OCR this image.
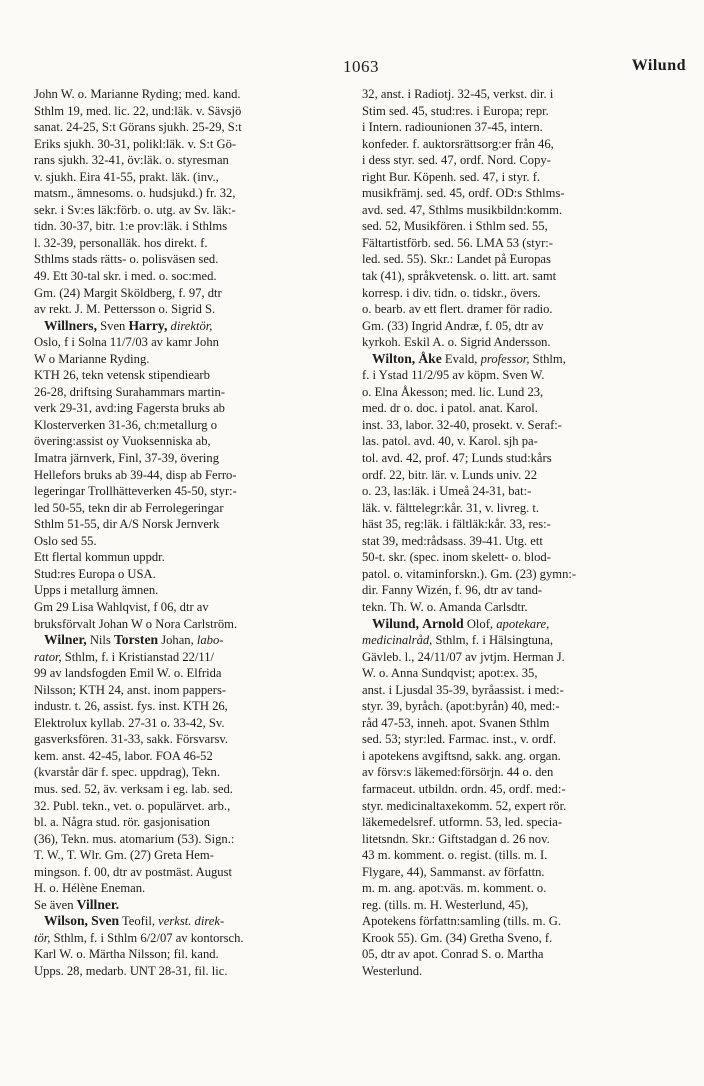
1063	Wilund
John W. o. Marianne Ryding; med. kand.
Sthlm 19, med. lic. 22, und:läk. v. Sävsjö
sanat. 24-25, S:t Görans sjukh. 25-29, S:t
Eriks sjukh. 30-31, polikl:läk. v. S:t Gö-
rans sjukh. 32-41, öv:läk. o. styresman
v. sjukh. Eira 41-55, prakt. läk. (inv.,
matsm., ämnesoms. o. hudsjukd.) fr. 32,
sekr. i Sv:es läk:förb. o. utg. av Sv. läk:-
tidn. 30-37, bitr. 1:e prov:läk. i Sthlms
l. 32-39, personalläk. hos direkt. f.
Sthlms stads rätts- o. polisväsen sed.
49. Ett 30-tal skr. i med. o. soc:med.
Gm. (24) Margit Sköldberg, f. 97, dtr
av rekt. J. M. Pettersson o. Sigrid S.
Willners, Sven Harry, direktör,
Oslo, f i Solna 11/7/03 av kamr John
W o Marianne Ryding.
KTH 26, tekn vetensk stipendiearb
26-28, driftsing Surahammars martin-
verk 29-31, avd:ing Fagersta bruks ab
Klosterverken 31-36, ch:metallurg o
övering:assist oy Vuoksenniska ab,
Imatra järnverk, Finl, 37-39, övering
Hellefors bruks ab 39-44, disp ab Ferro-
legeringar Trollhätteverken 45-50, styr:-
led 50-55, tekn dir ab Ferrolegeringar
Sthlm 51-55, dir A/S Norsk Jernverk
Oslo sed 55.
Ett flertal kommun uppdr.
Stud:res Europa o USA.
Upps i metallurg ämnen.
Gm 29 Lisa Wahlqvist, f 06, dtr av
bruksförvalt Johan W o Nora Carlström.
Wilner, Nils Torsten Johan, labo-
rator, Sthlm, f. i Kristianstad 22/11/
99 av landsfogden Emil W. o. Elfrida
Nilsson; KTH 24, anst. inom pappers-
industr. t. 26, assist. fys. inst. KTH 26,
Elektrolux kyllab. 27-31 o. 33-42, Sv.
gasverksfören. 31-33, sakk. Försvarsv.
kem. anst. 42-45, labor. FOA 46-52
(kvarstår där f. spec. uppdrag), Tekn.
mus. sed. 52, äv. verksam i eg. lab. sed.
32. Publ. tekn., vet. o. populärvet. arb.,
bl. a. Några stud. rör. gasjonisation
(36), Tekn. mus. atomarium (53). Sign.:
T. W., T. Wlr. Gm. (27) Greta Hem-
mingson. f. 00, dtr av postmäst. August
H. o. Hélène Eneman.
Se även Villner.
Wilson, Sven Teofil, verkst. direk-
tör, Sthlm, f. i Sthlm 6/2/07 av kontorsch.
Karl W. o. Märtha Nilsson; fil. kand.
Upps. 28, medarb. UNT 28-31, fil. lic.
32, anst. i Radiotj. 32-45, verkst. dir. i
Stim sed. 45, stud:res. i Europa; repr.
i Intern. radiounionen 37-45, intern.
konfeder. f. auktorsrättsorg:er från 46,
i dess styr. sed. 47, ordf. Nord. Copy-
right Bur. Köpenh. sed. 47, i styr. f.
musikfrämj. sed. 45, ordf. OD:s Sthlms-
avd. sed. 47, Sthlms musikbildn:komm.
sed. 52, Musikfören. i Sthlm sed. 55,
Fältartistförb. sed. 56. LMA 53 (styr:-
led. sed. 55). Skr.: Landet på Europas
tak (41), språkvetensk. o. litt. art. samt
korresp. i div. tidn. o. tidskr., övers.
o. bearb. av ett flert. dramer för radio.
Gm. (33) Ingrid Andræ, f. 05, dtr av
kyrkoh. Eskil A. o. Sigrid Andersson.
Wilton, Åke Evald, professor, Sthlm,
f. i Ystad 11/2/95 av köpm. Sven W.
o. Elna Åkesson; med. lic. Lund 23,
med. dr o. doc. i patol. anat. Karol.
inst. 33, labor. 32-40, prosekt. v. Seraf:-
las. patol. avd. 40, v. Karol. sjh pa-
tol. avd. 42, prof. 47; Lunds stud:kårs
ordf. 22, bitr. lär. v. Lunds univ. 22
o. 23, las:läk. i Umeå 24-31, bat:-
läk. v. fälttelegr:kår. 31, v. livreg. t.
häst 35, reg:läk. i fältläk:kår. 33, res:-
stat 39, med:rådsass. 39-41. Utg. ett
50-t. skr. (spec. inom skelett- o. blod-
patol. o. vitaminforskn.). Gm. (23) gymn:-
dir. Fanny Wizén, f. 96, dtr av tand-
tekn. Th. W. o. Amanda Carlsdtr.
Wilund, Arnold Olof, apotekare,
medicinalråd, Sthlm, f. i Hälsingtuna,
Gävleb. l., 24/11/07 av jvtjm. Herman J.
W. o. Anna Sundqvist; apot:ex. 35,
anst. i Ljusdal 35-39, byråassist. i med:-
styr. 39, byråch. (apot:byrån) 40, med:-
råd 47-53, inneh. apot. Svanen Sthlm
sed. 53; styr:led. Farmac. inst., v. ordf.
i apotekens avgiftsnd, sakk. ang. organ.
av försv:s läkemed:försörjn. 44 o. den
farmaceut. utbildn. ordn. 45, ordf. med:-
styr. medicinaltaxekomm. 52, expert rör.
läkemedelsref. utformn. 53, led. specia-
litetsndn. Skr.: Giftstadgan d. 26 nov.
43 m. komment. o. regist. (tills. m. I.
Flygare, 44), Sammanst. av författn.
m. m. ang. apot:väs. m. komment. o.
reg. (tills. m. H. Westerlund, 45),
Apotekens författn:samling (tills. m. G.
Krook 55). Gm. (34) Gretha Sveno, f.
05, dtr av apot. Conrad S. o. Martha
Westerlund.
